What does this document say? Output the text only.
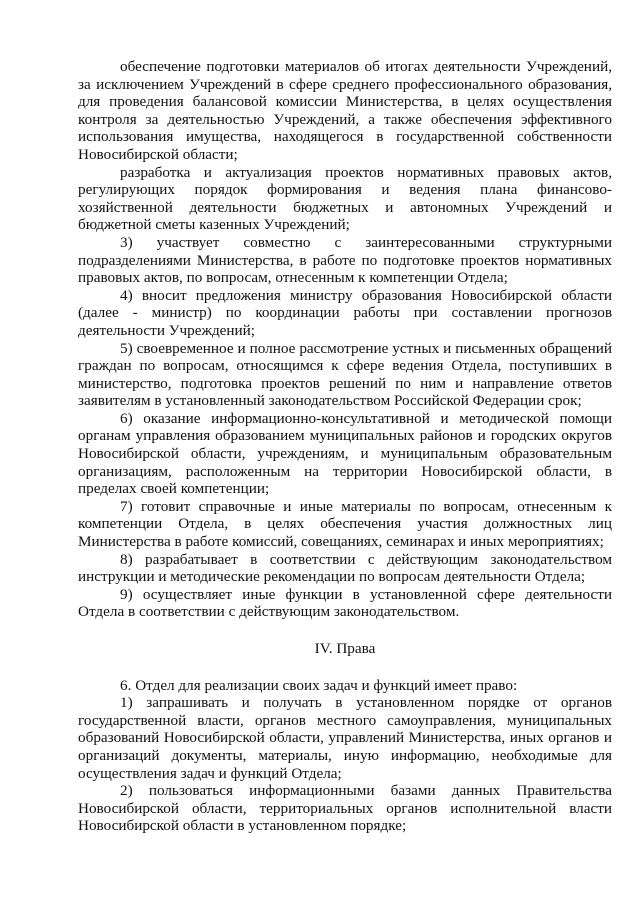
обеспечение подготовки материалов об итогах деятельности Учреждений, за исключением Учреждений в сфере среднего профессионального образования, для проведения балансовой комиссии Министерства, в целях осуществления контроля за деятельностью Учреждений, а также обеспечения эффективного использования имущества, находящегося в государственной собственности Новосибирской области;

разработка и актуализация проектов нормативных правовых актов, регулирующих порядок формирования и ведения плана финансово-хозяйственной деятельности бюджетных и автономных Учреждений и бюджетной сметы казенных Учреждений;

3) участвует совместно с заинтересованными структурными подразделениями Министерства, в работе по подготовке проектов нормативных правовых актов, по вопросам, отнесенным к компетенции Отдела;

4) вносит предложения министру образования Новосибирской области (далее - министр) по координации работы при составлении прогнозов деятельности Учреждений;

5) своевременное и полное рассмотрение устных и письменных обращений граждан по вопросам, относящимся к сфере ведения Отдела, поступивших в министерство, подготовка проектов решений по ним и направление ответов заявителям в установленный законодательством Российской Федерации срок;

6) оказание информационно-консультативной и методической помощи органам управления образованием муниципальных районов и городских округов Новосибирской области, учреждениям, и муниципальным образовательным организациям, расположенным на территории Новосибирской области, в пределах своей компетенции;

7) готовит справочные и иные материалы по вопросам, отнесенным к компетенции Отдела, в целях обеспечения участия должностных лиц Министерства в работе комиссий, совещаниях, семинарах и иных мероприятиях;

8) разрабатывает в соответствии с действующим законодательством инструкции и методические рекомендации по вопросам деятельности Отдела;

9) осуществляет иные функции в установленной сфере деятельности Отдела в соответствии с действующим законодательством.

IV. Права

6. Отдел для реализации своих задач и функций имеет право:

1) запрашивать и получать в установленном порядке от органов государственной власти, органов местного самоуправления, муниципальных образований Новосибирской области, управлений Министерства, иных органов и организаций документы, материалы, иную информацию, необходимые для осуществления задач и функций Отдела;

2) пользоваться информационными базами данных Правительства Новосибирской области, территориальных органов исполнительной власти Новосибирской области в установленном порядке;
